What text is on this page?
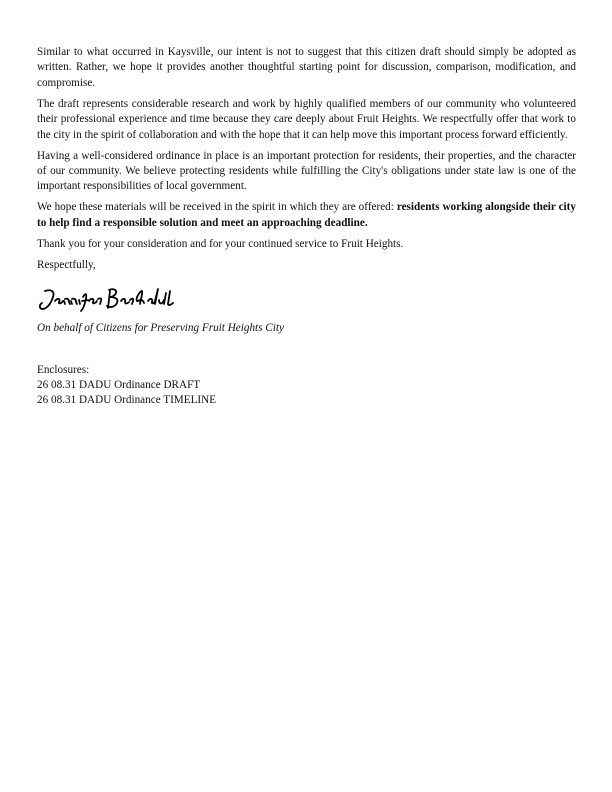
Similar to what occurred in Kaysville, our intent is not to suggest that this citizen draft should simply be adopted as written. Rather, we hope it provides another thoughtful starting point for discussion, comparison, modification, and compromise.

The draft represents considerable research and work by highly qualified members of our community who volunteered their professional experience and time because they care deeply about Fruit Heights. We respectfully offer that work to the city in the spirit of collaboration and with the hope that it can help move this important process forward efficiently.

Having a well-considered ordinance in place is an important protection for residents, their properties, and the character of our community. We believe protecting residents while fulfilling the City's obligations under state law is one of the important responsibilities of local government.

We hope these materials will be received in the spirit in which they are offered: residents working alongside their city to help find a responsible solution and meet an approaching deadline.

Thank you for your consideration and for your continued service to Fruit Heights.

Respectfully,

On behalf of Citizens for Preserving Fruit Heights City

Enclosures:

26 08.31 DADU Ordinance DRAFT
26 08.31 DADU Ordinance TIMELINE
